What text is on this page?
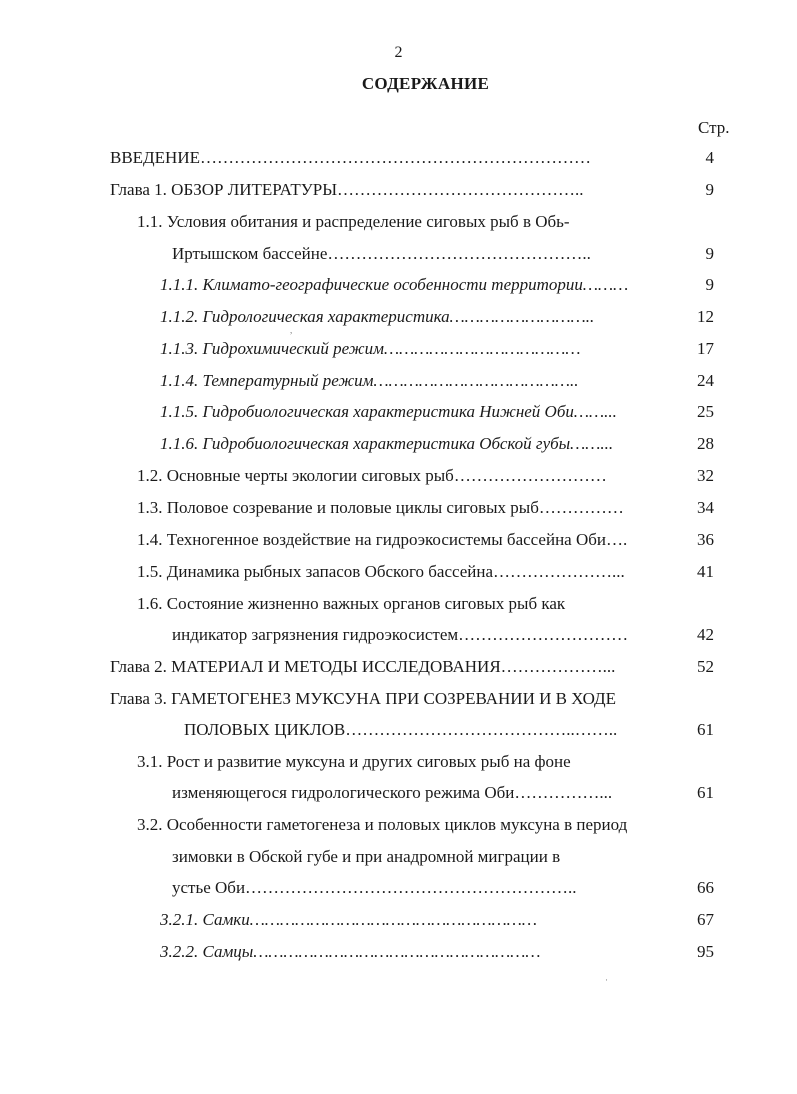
2
СОДЕРЖАНИЕ
Стр.
ВВЕДЕНИЕ……………………………………………………………	4
Глава 1. ОБЗОР ЛИТЕРАТУРЫ……………………………………..	9
1.1. Условия обитания и распределение сиговых рыб в Обь-
Иртышском бассейне………………………………………..	9
1.1.1. Климато-географические особенности территории………	9
1.1.2. Гидрологическая характеристика………………………..	12
1.1.3. Гидрохимический режим…………………………………	17
1.1.4. Температурный режим…………………………………..	24
1.1.5. Гидробиологическая характеристика Нижней Оби……...	25
1.1.6. Гидробиологическая характеристика Обской губы……...	28
1.2. Основные черты экологии сиговых рыб………………………	32
1.3. Половое созревание и половые циклы сиговых рыб……………	34
1.4. Техногенное воздействие на гидроэкосистемы бассейна Оби….	36
1.5. Динамика рыбных запасов Обского бассейна…………………...	41
1.6. Состояние жизненно важных органов сиговых рыб как
индикатор загрязнения гидроэкосистем…………………………	42
Глава 2. МАТЕРИАЛ И МЕТОДЫ ИССЛЕДОВАНИЯ………………...	52
Глава 3. ГАМЕТОГЕНЕЗ МУКСУНА ПРИ СОЗРЕВАНИИ И В ХОДЕ
ПОЛОВЫХ ЦИКЛОВ…………………………………..……..	61
3.1. Рост и развитие муксуна и других сиговых рыб на фоне
изменяющегося гидрологического режима Оби……………...	61
3.2. Особенности гаметогенеза и половых циклов муксуна в период
зимовки в Обской губе и при анадромной миграции в
устье Оби…………………………………………………..	66
3.2.1. Самки…………………………………………………	67
3.2.2. Самцы…………………………………………………	95
,
·
